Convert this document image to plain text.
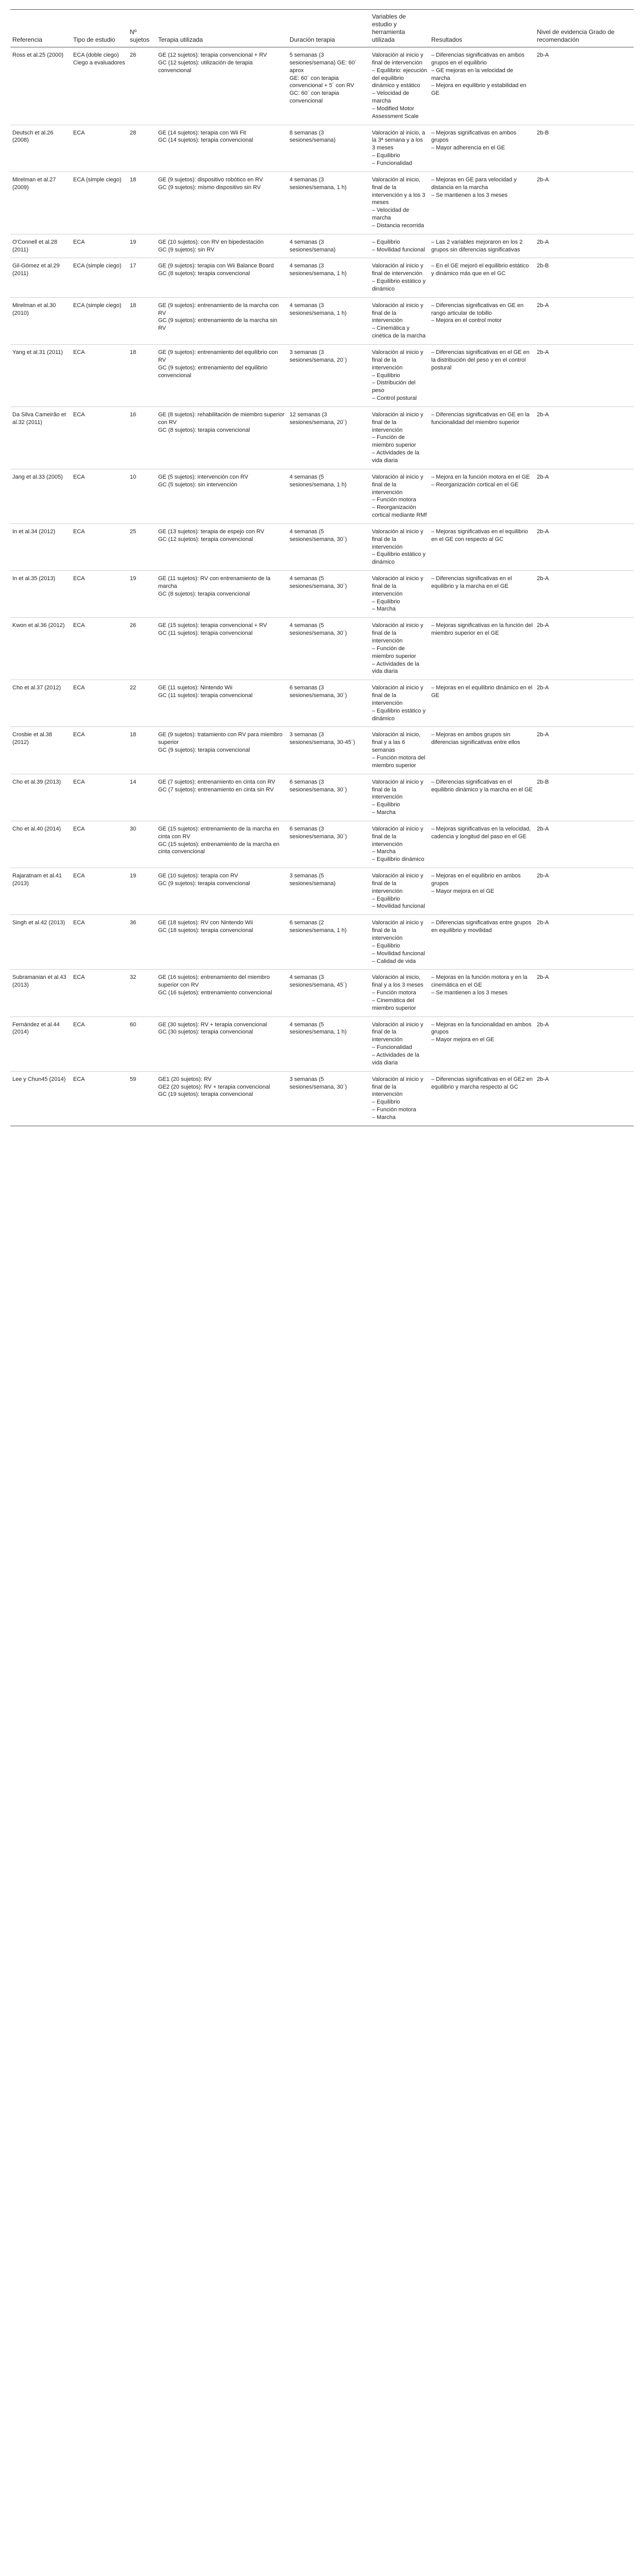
Referencia	Tipo de estudio	Nº sujetos	Terapia utilizada	Duración terapia	Variables de estudio y herramienta utilizada	Resultados	Nivel de evidencia Grado de recomendación
Ross et al.25 (2000)	ECA (doble ciego) Ciego a evaluadores	26	GE (12 sujetos): terapia convencional + RV
GC (12 sujetos): utilización de terapia convencional	5 semanas (3 sesiones/semana) GE: 60´ aprox
GE: 60´ con terapia convencional + 5´ con RV
GC: 60´ con terapia convencional	Valoración al inicio y final de intervención
– Equilibrio: ejecución del equilibrio dinámico y estático
– Velocidad de marcha
– Modified Motor Assessment Scale	– Diferencias significativas en ambos grupos en el equilibrio
– GE mejoras en la velocidad de marcha
– Mejora en equilibrio y estabilidad en GE	2b-A
Deutsch et al.26 (2008)	ECA	28	GE (14 sujetos): terapia con Wii Fit
GC (14 sujetos): terapia convencional	8 semanas (3 sesiones/semana)	Valoración al inicio, a la 3ª semana y a los 3 meses
– Equilibrio
– Funcionalidad	– Mejoras significativas en ambos grupos
– Mayor adherencia en el GE	2b-B
Mirelman et al.27 (2009)	ECA (simple ciego)	18	GE (9 sujetos): dispositivo robótico en RV
GC (9 sujetos): mismo dispositivo sin RV	4 semanas (3 sesiones/semana, 1 h)	Valoración al inicio, final de la intervención y a los 3 meses
– Velocidad de marcha
– Distancia recorrida	– Mejoras en GE para velocidad y distancia en la marcha
– Se mantienen a los 3 meses	2b-A
O'Connell et al.28 (2011)	ECA	19	GE (10 sujetos): con RV en bipedestación
GC (9 sujetos): sin RV	4 semanas (3 sesiones/semana)	– Equilibrio
– Movilidad funcional	– Las 2 variables mejoraron en los 2 grupos sin diferencias significativas	2b-A
Gil-Gómez et al.29 (2011)	ECA (simple ciego)	17	GE (9 sujetos): terapia con Wii Balance Board
GC (8 sujetos): terapia convencional	4 semanas (3 sesiones/semana, 1 h)	Valoración al inicio y final de intervención
– Equilibrio estático y dinámico	– En el GE mejoró el equilibrio estático y dinámico más que en el GC	2b-B
Mirelman et al.30 (2010)	ECA (simple ciego)	18	GE (9 sujetos): entrenamiento de la marcha con RV
GC (9 sujetos): entrenamiento de la marcha sin RV	4 semanas (3 sesiones/semana, 1 h)	Valoración al inicio y final de la intervención
– Cinemática y cinética de la marcha	– Diferencias significativas en GE en rango articular de tobillo
– Mejora en el control motor	2b-A
Yang et al.31 (2011)	ECA	18	GE (9 sujetos): entrenamiento del equilibrio con RV
GC (9 sujetos): entrenamiento del equilibrio convencional	3 semanas (3 sesiones/semana, 20´)	Valoración al inicio y final de la intervención
– Equilibrio
– Distribución del peso
– Control postural	– Diferencias significativas en el GE en la distribución del peso y en el control postural	2b-A
Da Silva Cameirão et al.32 (2011)	ECA	16	GE (8 sujetos): rehabilitación de miembro superior con RV
GC (8 sujetos): terapia convencional	12 semanas (3 sesiones/semana, 20´)	Valoración al inicio y final de la intervención
– Función de miembro superior
– Actividades de la vida diaria	– Diferencias significativas en GE en la funcionalidad del miembro superior	2b-A
Jang et al.33 (2005)	ECA	10	GE (5 sujetos): intervención con RV
GC (5 sujetos): sin intervención	4 semanas (5 sesiones/semana, 1 h)	Valoración al inicio y final de la intervención
– Función motora
– Reorganización cortical mediante RMf	– Mejora en la función motora en el GE
– Reorganización cortical en el GE	2b-A
In et al.34 (2012)	ECA	25	GE (13 sujetos): terapia de espejo con RV
GC (12 sujetos): terapia convencional	4 semanas (5 sesiones/semana, 30´)	Valoración al inicio y final de la intervención
– Equilibrio estático y dinámico	– Mejoras significativas en el equilibrio en el GE con respecto al GC	2b-A
In et al.35 (2013)	ECA	19	GE (11 sujetos): RV con entrenamiento de la marcha
GC (8 sujetos): terapia convencional	4 semanas (5 sesiones/semana, 30´)	Valoración al inicio y final de la intervención
– Equilibrio
– Marcha	– Diferencias significativas en el equilibrio y la marcha en el GE	2b-A
Kwon et al.36 (2012)	ECA	26	GE (15 sujetos): terapia convencional + RV
GC (11 sujetos): terapia convencional	4 semanas (5 sesiones/semana, 30´)	Valoración al inicio y final de la intervención
– Función de miembro superior
– Actividades de la vida diaria	– Mejoras significativas en la función del miembro superior en el GE	2b-A
Cho et al.37 (2012)	ECA	22	GE (11 sujetos): Nintendo Wii
GC (11 sujetos): terapia convencional	6 semanas (3 sesiones/semana, 30´)	Valoración al inicio y final de la intervención
– Equilibrio estático y dinámico	– Mejoras en el equilibrio dinámico en el GE	2b-A
Crosbie et al.38 (2012)	ECA	18	GE (9 sujetos): tratamiento con RV para miembro superior
GC (9 sujetos): terapia convencional	3 semanas (3 sesiones/semana, 30-45´)	Valoración al inicio, final y a las 6 semanas
– Función motora del miembro superior	– Mejoras en ambos grupos sin diferencias significativas entre ellos	2b-A
Cho et al.39 (2013)	ECA	14	GE (7 sujetos): entrenamiento en cinta con RV
GC (7 sujetos): entrenamiento en cinta sin RV	6 semanas (3 sesiones/semana, 30´)	Valoración al inicio y final de la intervención
– Equilibrio
– Marcha	– Diferencias significativas en el equilibrio dinámico y la marcha en el GE	2b-B
Cho et al.40 (2014)	ECA	30	GE (15 sujetos): entrenamiento de la marcha en cinta con RV
GC (15 sujetos): entrenamiento de la marcha en cinta convencional	6 semanas (3 sesiones/semana, 30´)	Valoración al inicio y final de la intervención
– Marcha
– Equilibrio dinámico	– Mejoras significativas en la velocidad, cadencia y longitud del paso en el GE	2b-A
Rajaratnam et al.41 (2013)	ECA	19	GE (10 sujetos): terapia con RV
GC (9 sujetos): terapia convencional	3 semanas (5 sesiones/semana)	Valoración al inicio y final de la intervención
– Equilibrio
– Movilidad funcional	– Mejoras en el equilibrio en ambos grupos
– Mayor mejora en el GE	2b-A
Singh et al.42 (2013)	ECA	36	GE (18 sujetos): RV con Nintendo Wii
GC (18 sujetos): terapia convencional	6 semanas (2 sesiones/semana, 1 h)	Valoración al inicio y final de la intervención
– Equilibrio
– Movilidad funcional
– Calidad de vida	– Diferencias significativas entre grupos en equilibrio y movilidad	2b-A
Subramanian et al.43 (2013)	ECA	32	GE (16 sujetos): entrenamiento del miembro superior con RV
GC (16 sujetos): entrenamiento convencional	4 semanas (3 sesiones/semana, 45´)	Valoración al inicio, final y a los 3 meses
– Función motora
– Cinemática del miembro superior	– Mejoras en la función motora y en la cinemática en el GE
– Se mantienen a los 3 meses	2b-A
Fernández et al.44 (2014)	ECA	60	GE (30 sujetos): RV + terapia convencional
GC (30 sujetos): terapia convencional	4 semanas (5 sesiones/semana, 1 h)	Valoración al inicio y final de la intervención
– Funcionalidad
– Actividades de la vida diaria	– Mejoras en la funcionalidad en ambos grupos
– Mayor mejora en el GE	2b-A
Lee y Chun45 (2014)	ECA	59	GE1 (20 sujetos): RV
GE2 (20 sujetos): RV + terapia convencional
GC (19 sujetos): terapia convencional	3 semanas (5 sesiones/semana, 30´)	Valoración al inicio y final de la intervención
– Equilibrio
– Función motora
– Marcha	– Diferencias significativas en el GE2 en equilibrio y marcha respecto al GC	2b-A
